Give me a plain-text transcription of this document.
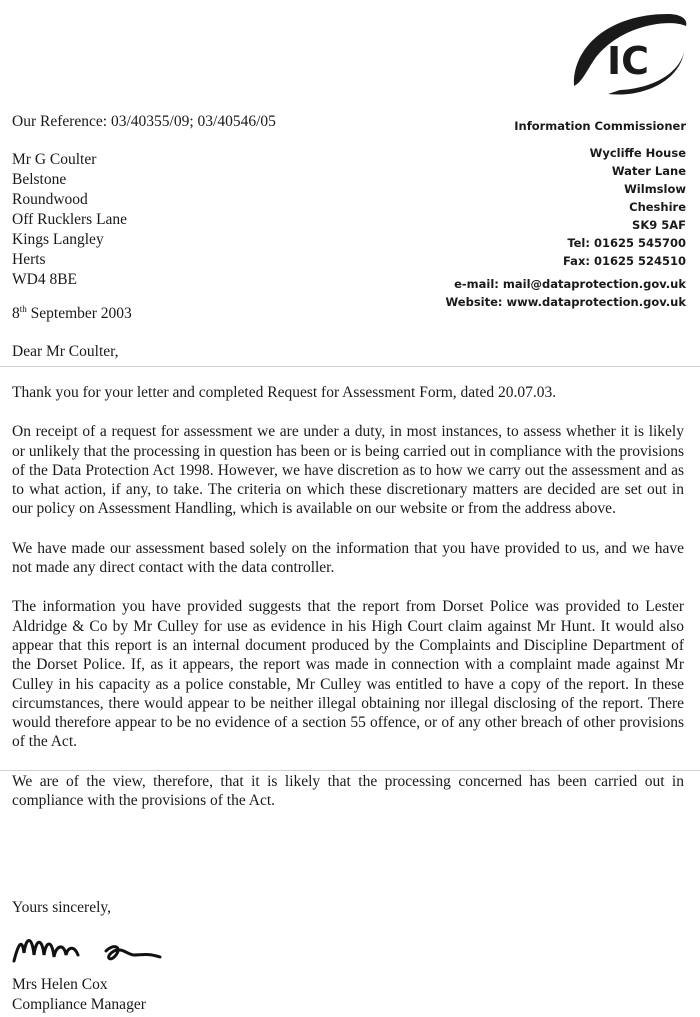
IC
Our Reference: 03/40355/09; 03/40546/05
Mr G Coulter
Belstone
Roundwood
Off Rucklers Lane
Kings Langley
Herts
WD4 8BE
Information Commissioner
Wycliffe House
Water Lane
Wilmslow
Cheshire
SK9 5AF
Tel: 01625 545700
Fax: 01625 524510
e-mail: mail@dataprotection.gov.uk
Website: www.dataprotection.gov.uk
8th September 2003
Dear Mr Coulter,

Thank you for your letter and completed Request for Assessment Form, dated 20.07.03.

On receipt of a request for assessment we are under a duty, in most instances, to assess whether it is likely or unlikely that the processing in question has been or is being carried out in compliance with the provisions of the Data Protection Act 1998. However, we have discretion as to how we carry out the assessment and as to what action, if any, to take. The criteria on which these discretionary matters are decided are set out in our policy on Assessment Handling, which is available on our website or from the address above.

We have made our assessment based solely on the information that you have provided to us, and we have not made any direct contact with the data controller.

The information you have provided suggests that the report from Dorset Police was provided to Lester Aldridge & Co by Mr Culley for use as evidence in his High Court claim against Mr Hunt. It would also appear that this report is an internal document produced by the Complaints and Discipline Department of the Dorset Police. If, as it appears, the report was made in connection with a complaint made against Mr Culley in his capacity as a police constable, Mr Culley was entitled to have a copy of the report. In these circumstances, there would appear to be neither illegal obtaining nor illegal disclosing of the report. There would therefore appear to be no evidence of a section 55 offence, or of any other breach of other provisions of the Act.

We are of the view, therefore, that it is likely that the processing concerned has been carried out in compliance with the provisions of the Act.

Yours sincerely,
Mrs Helen Cox
Compliance Manager
